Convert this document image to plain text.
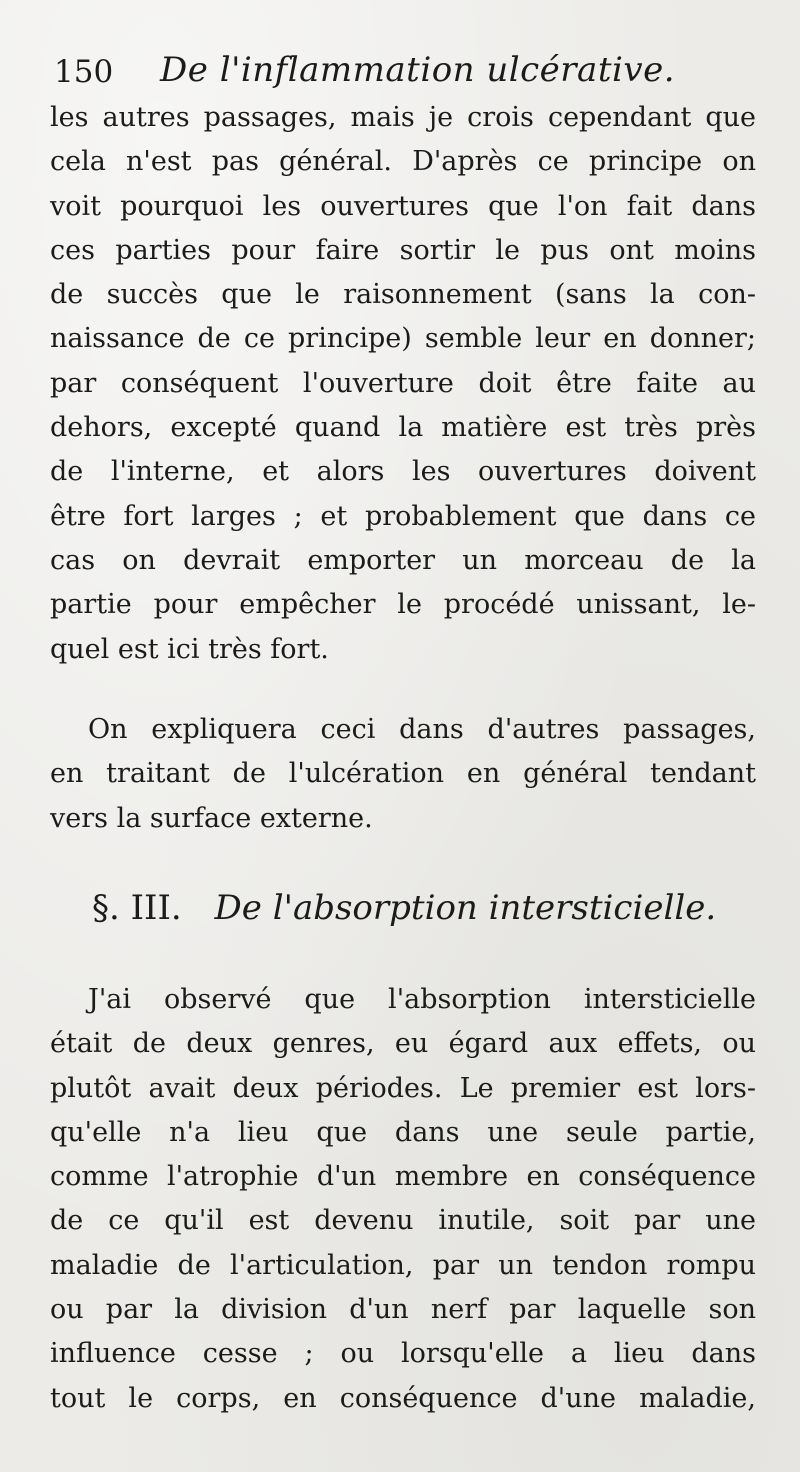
150 De l'inflammation ulcérative.
les autres passages, mais je crois cependant que
cela n'est pas général. D'après ce principe on
voit pourquoi les ouvertures que l'on fait dans
ces parties pour faire sortir le pus ont moins
de succès que le raisonnement (sans la con-
naissance de ce principe) semble leur en donner;
par conséquent l'ouverture doit être faite au
dehors, excepté quand la matière est très près
de l'interne, et alors les ouvertures doivent
être fort larges ; et probablement que dans ce
cas on devrait emporter un morceau de la
partie pour empêcher le procédé unissant, le-
quel est ici très fort.
On expliquera ceci dans d'autres passages,
en traitant de l'ulcération en général tendant
vers la surface externe.
§. III. De l'absorption intersticielle.
J'ai observé que l'absorption intersticielle
était de deux genres, eu égard aux effets, ou
plutôt avait deux périodes. Le premier est lors-
qu'elle n'a lieu que dans une seule partie,
comme l'atrophie d'un membre en conséquence
de ce qu'il est devenu inutile, soit par une
maladie de l'articulation, par un tendon rompu
ou par la division d'un nerf par laquelle son
influence cesse ; ou lorsqu'elle a lieu dans
tout le corps, en conséquence d'une maladie,
